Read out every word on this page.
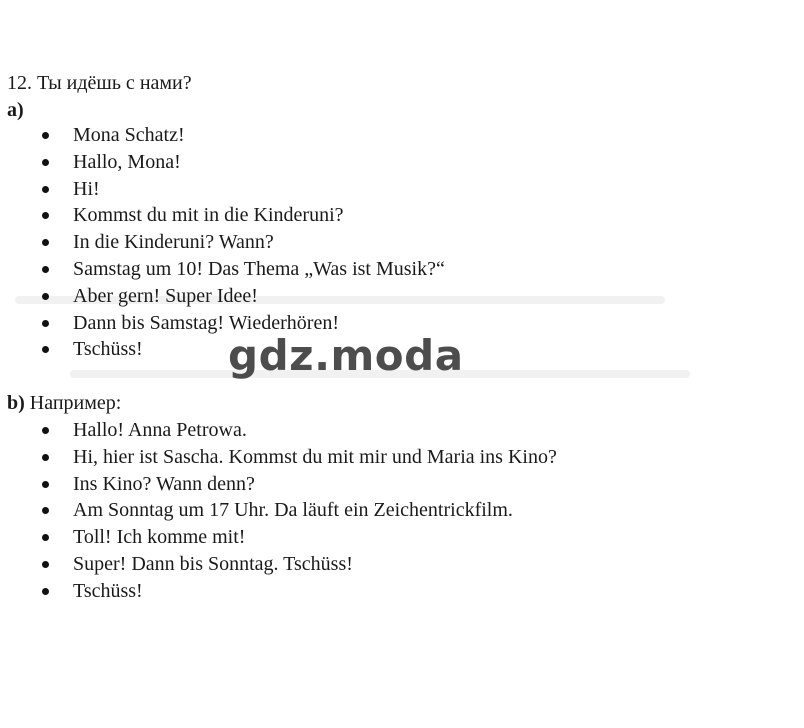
12. Ты идёшь с нами?
а)
Mona Schatz!
Hallo, Mona!
Hi!
Kommst du mit in die Kinderuni?
In die Kinderuni? Wann?
Samstag um 10! Das Thema „Was ist Musik?“
Aber gern! Super Idee!
Dann bis Samstag! Wiederhören!
Tschüss!
b) Например:
Hallo! Anna Petrowa.
Hi, hier ist Sascha. Kommst du mit mir und Maria ins Kino?
Ins Kino? Wann denn?
Am Sonntag um 17 Uhr. Da läuft ein Zeichentrickfilm.
Toll! Ich komme mit!
Super! Dann bis Sonntag. Tschüss!
Tschüss!
gdz.moda
